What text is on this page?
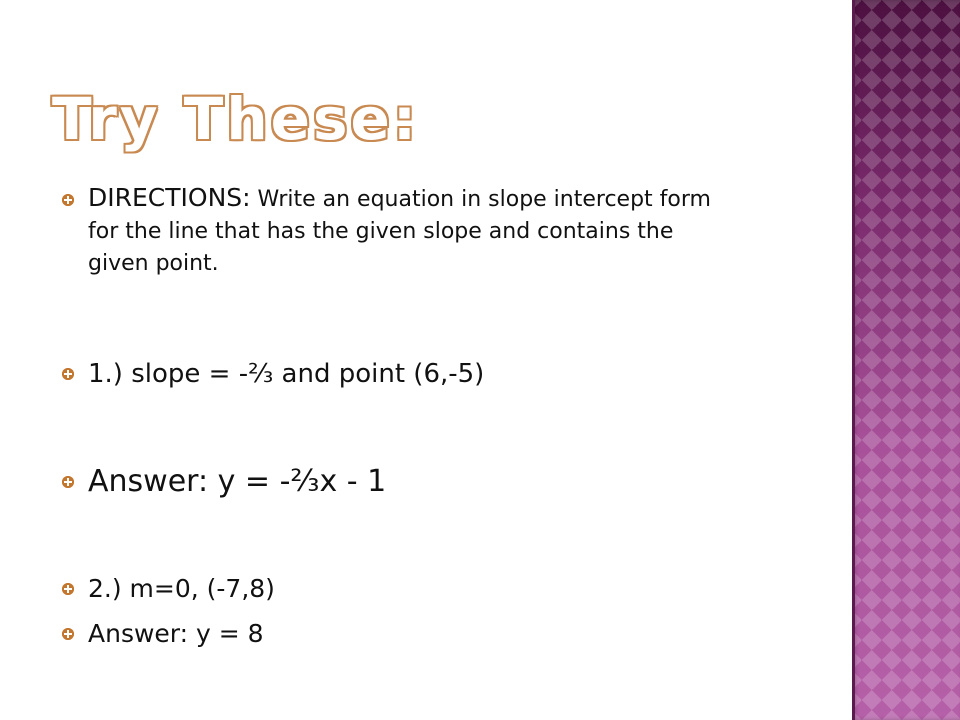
Try These:
DIRECTIONS: Write an equation in slope intercept form for the line that has the given slope and contains the given point.
1.) slope = -⅔ and point (6,-5)
Answer: y = -⅔x - 1
2.) m=0, (-7,8)
Answer: y = 8
